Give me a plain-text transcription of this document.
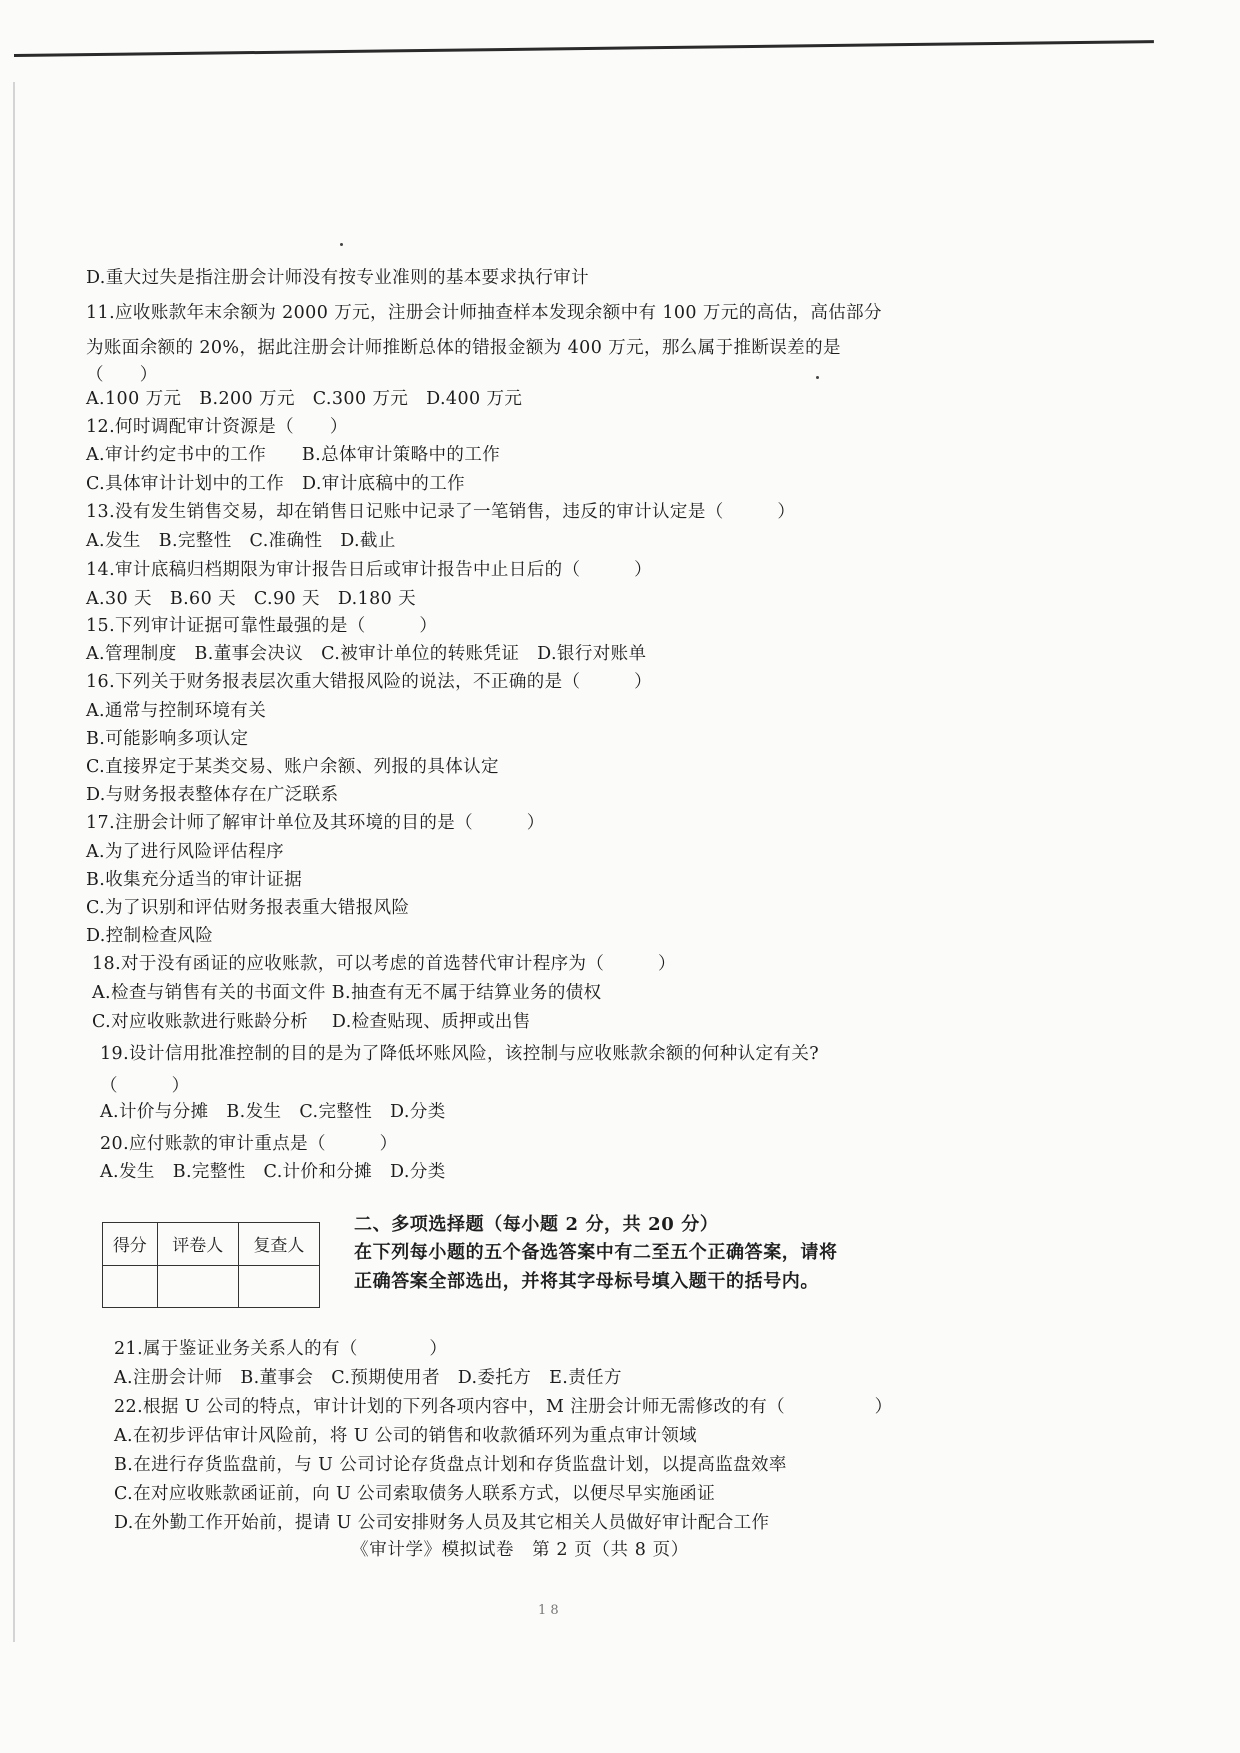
D.重大过失是指注册会计师没有按专业准则的基本要求执行审计
11.应收账款年末余额为 2000 万元，注册会计师抽查样本发现余额中有 100 万元的高估，高估部分
为账面余额的 20%，据此注册会计师推断总体的错报金额为 400 万元，那么属于推断误差的是
（　　）
A.100 万元　B.200 万元　C.300 万元　D.400 万元
12.何时调配审计资源是（　　）
A.审计约定书中的工作　　B.总体审计策略中的工作
C.具体审计计划中的工作　D.审计底稿中的工作
13.没有发生销售交易，却在销售日记账中记录了一笔销售，违反的审计认定是（　　　）
A.发生　B.完整性　C.准确性　D.截止
14.审计底稿归档期限为审计报告日后或审计报告中止日后的（　　　）
A.30 天　B.60 天　C.90 天　D.180 天
15.下列审计证据可靠性最强的是（　　　）
A.管理制度　B.董事会决议　C.被审计单位的转账凭证　D.银行对账单
16.下列关于财务报表层次重大错报风险的说法，不正确的是（　　　）
A.通常与控制环境有关
B.可能影响多项认定
C.直接界定于某类交易、账户余额、列报的具体认定
D.与财务报表整体存在广泛联系
17.注册会计师了解审计单位及其环境的目的是（　　　）
A.为了进行风险评估程序
B.收集充分适当的审计证据
C.为了识别和评估财务报表重大错报风险
D.控制检查风险
18.对于没有函证的应收账款，可以考虑的首选替代审计程序为（　　　）
A.检查与销售有关的书面文件 B.抽查有无不属于结算业务的债权
C.对应收账款进行账龄分析　 D.检查贴现、质押或出售
19.设计信用批准控制的目的是为了降低坏账风险，该控制与应收账款余额的何种认定有关?
（　　　）
A.计价与分摊　B.发生　C.完整性　D.分类
20.应付账款的审计重点是（　　　）
A.发生　B.完整性　C.计价和分摊　D.分类
得分	评卷人	复查人

二、多项选择题（每小题 2 分，共 20 分）
在下列每小题的五个备选答案中有二至五个正确答案，请将正确答案全部选出，并将其字母标号填入题干的括号内。
21.属于鉴证业务关系人的有（　　　　）
A.注册会计师　B.董事会　C.预期使用者　D.委托方　E.责任方
22.根据 U 公司的特点，审计计划的下列各项内容中，M 注册会计师无需修改的有（　　　　　）
A.在初步评估审计风险前，将 U 公司的销售和收款循环列为重点审计领域
B.在进行存货监盘前，与 U 公司讨论存货盘点计划和存货监盘计划，以提高监盘效率
C.在对应收账款函证前，向 U 公司索取债务人联系方式，以便尽早实施函证
D.在外勤工作开始前，提请 U 公司安排财务人员及其它相关人员做好审计配合工作
《审计学》模拟试卷　第 2 页（共 8 页）
1 8
